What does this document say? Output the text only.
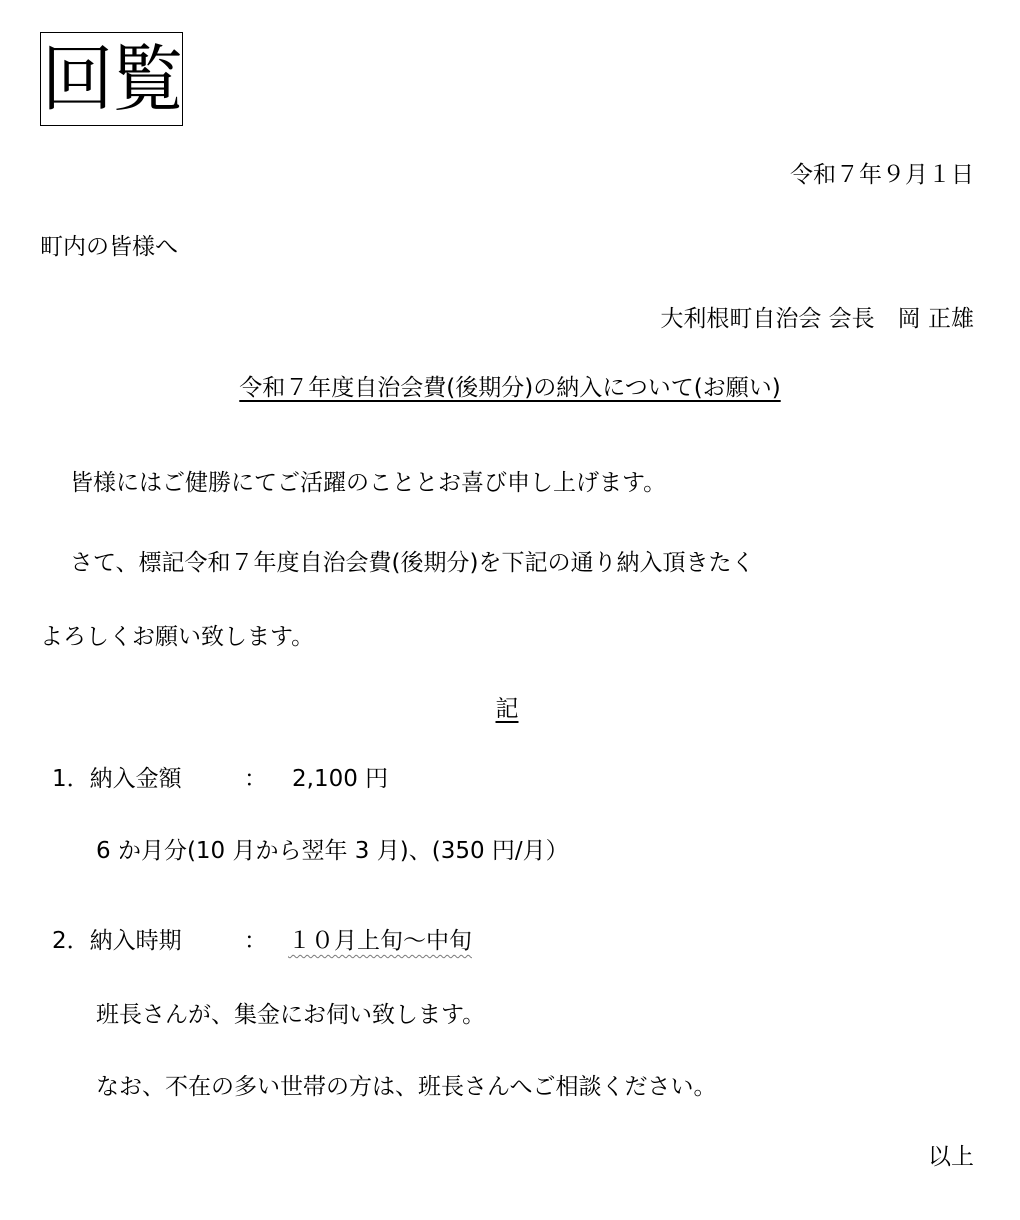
回覧
令和７年９月１日
町内の皆様へ
大利根町自治会 会長　岡 正雄
令和７年度自治会費(後期分)の納入について(お願い)
皆様にはご健勝にてご活躍のこととお喜び申し上げます。
さて、標記令和７年度自治会費(後期分)を下記の通り納入頂きたく
よろしくお願い致します。
記
1．納入金額	： 2,100 円
6 か月分(10 月から翌年 3 月)、(350 円/月）
2．納入時期	： １０月上旬～中旬
班長さんが、集金にお伺い致します。
なお、不在の多い世帯の方は、班長さんへご相談ください。
以上
